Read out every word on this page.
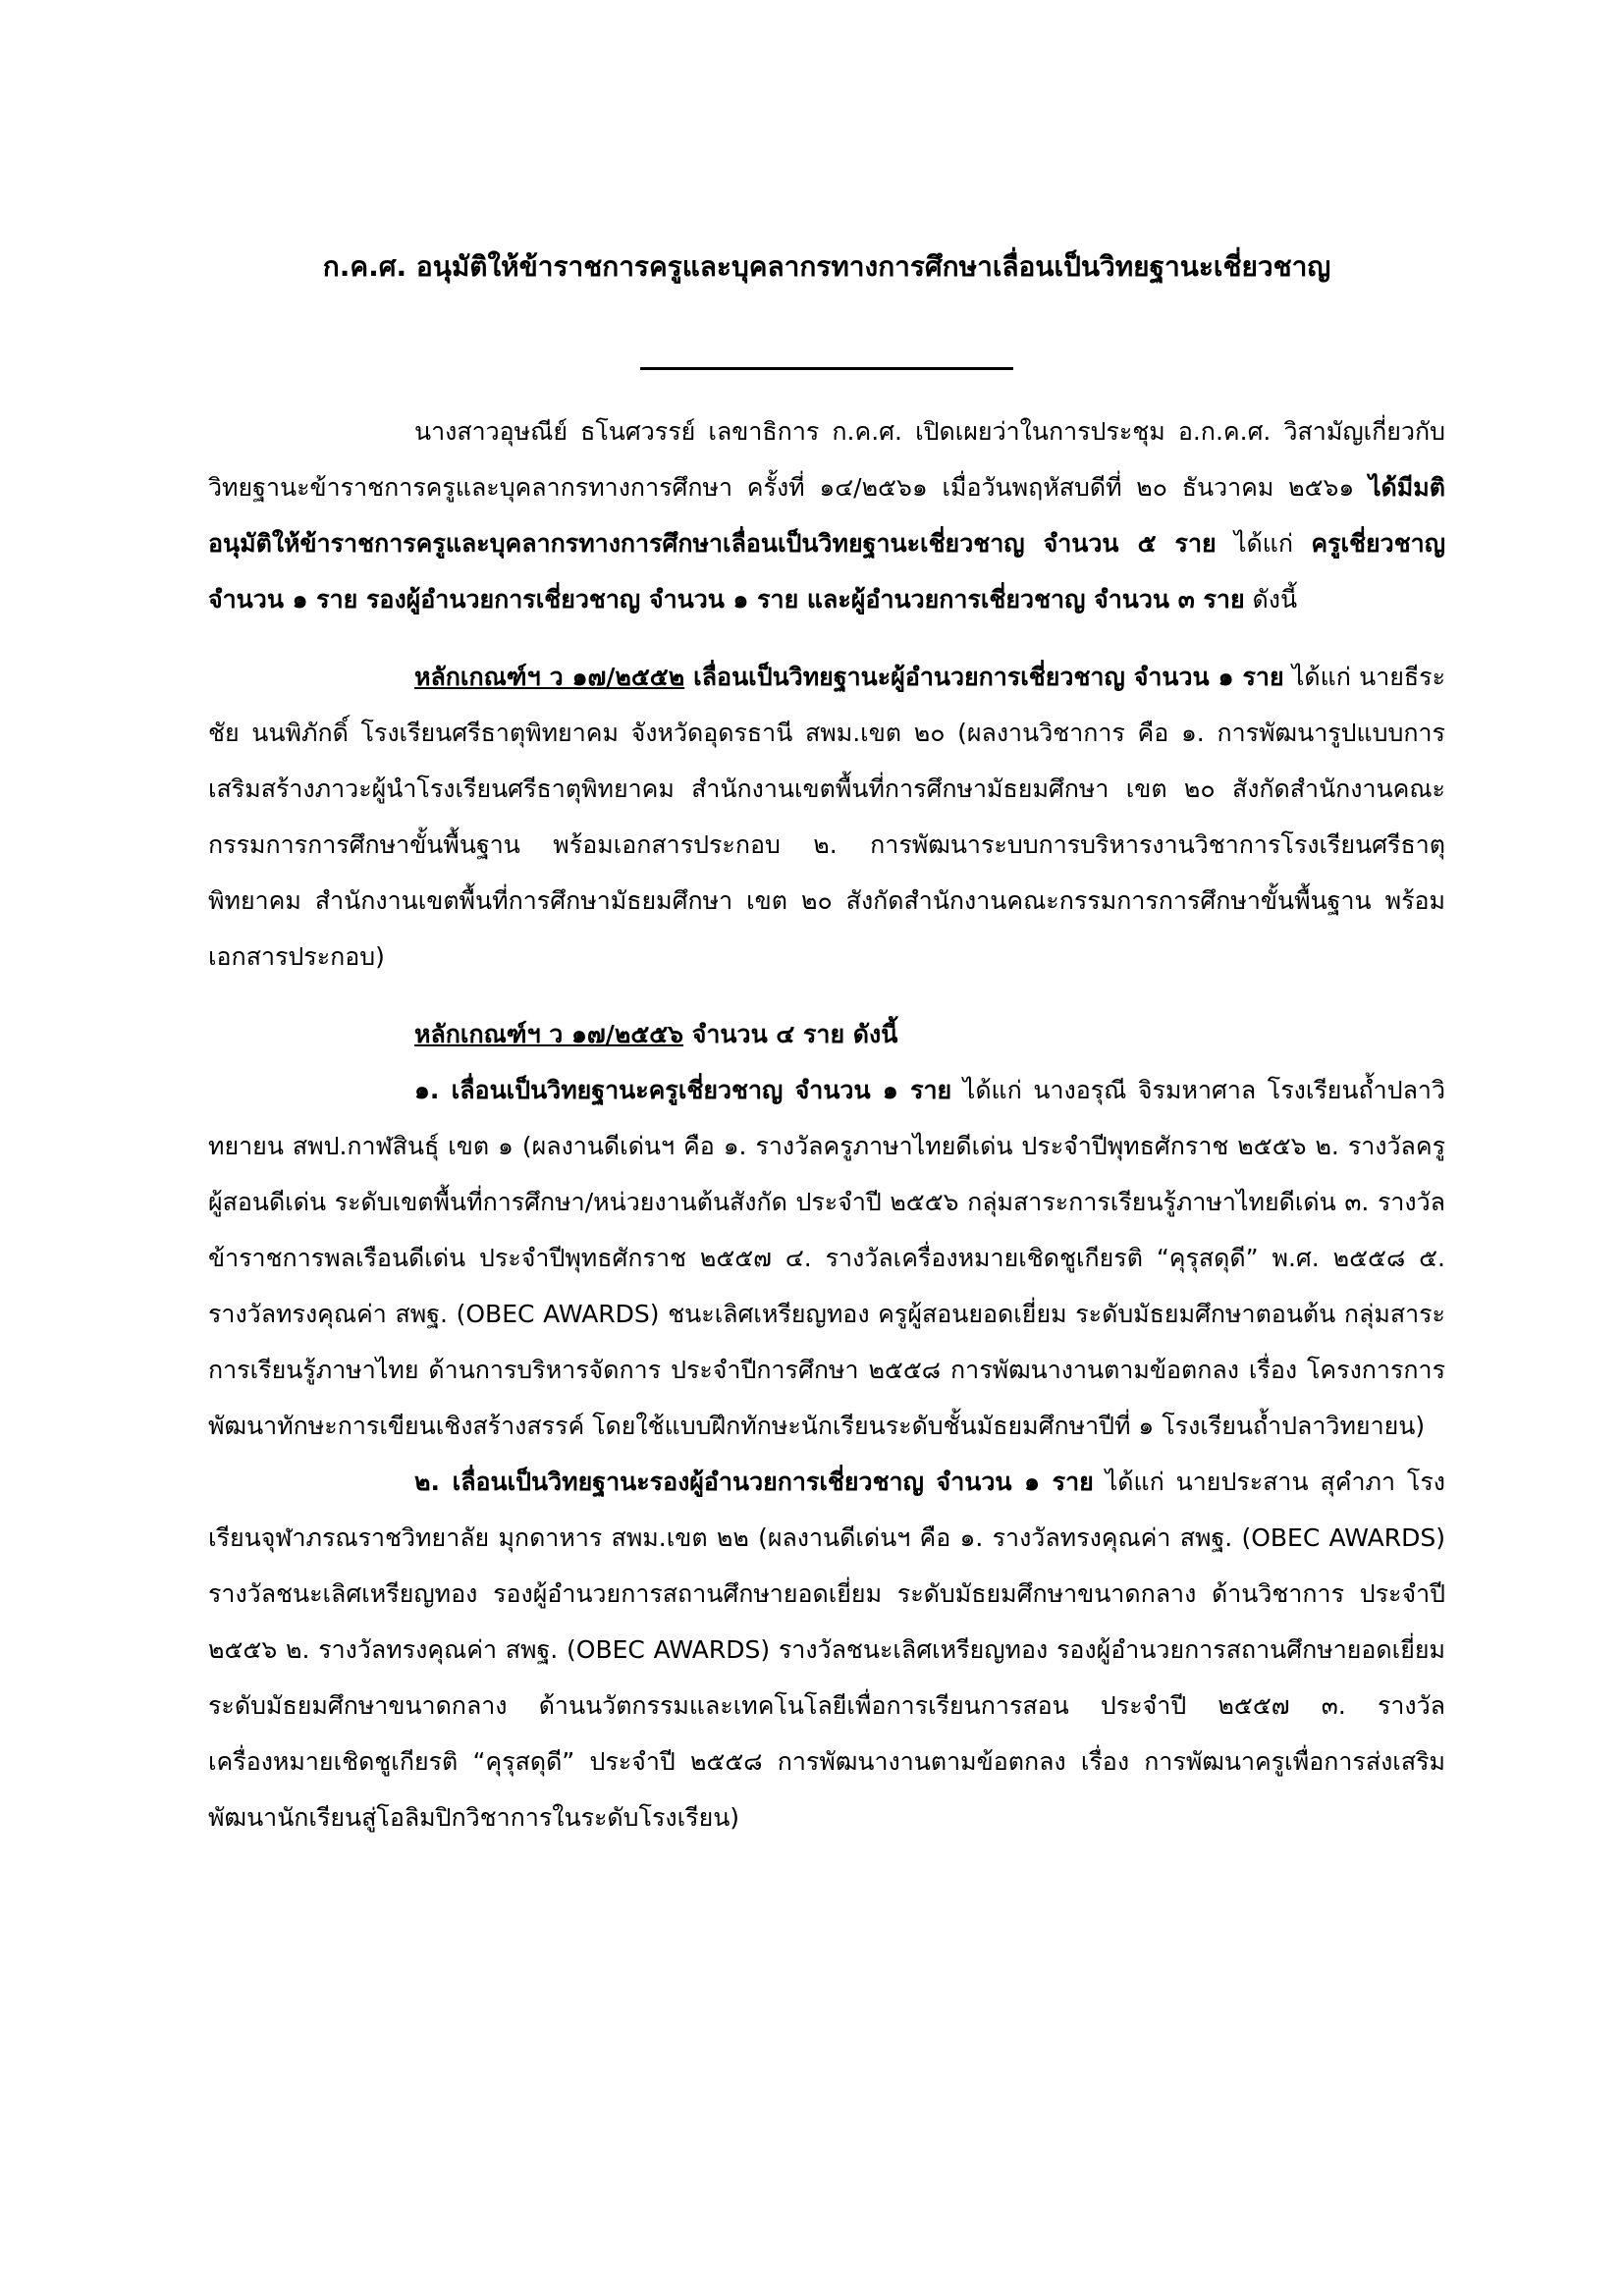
ก.ค.ศ. อนุมัติให้ข้าราชการครูและบุคลากรทางการศึกษาเลื่อนเป็นวิทยฐานะเชี่ยวชาญ

นางสาวอุษณีย์ ธโนศวรรย์ เลขาธิการ ก.ค.ศ. เปิดเผยว่าในการประชุม อ.ก.ค.ศ. วิสามัญเกี่ยวกับวิทยฐานะข้าราชการครูและบุคลากรทางการศึกษา ครั้งที่ ๑๔/๒๕๖๑ เมื่อวันพฤหัสบดีที่ ๒๐ ธันวาคม ๒๕๖๑ ได้มีมติอนุมัติให้ข้าราชการครูและบุคลากรทางการศึกษาเลื่อนเป็นวิทยฐานะเชี่ยวชาญ จำนวน ๕ ราย ได้แก่ ครูเชี่ยวชาญ จำนวน ๑ ราย รองผู้อำนวยการเชี่ยวชาญ จำนวน ๑ ราย และผู้อำนวยการเชี่ยวชาญ จำนวน ๓ ราย ดังนี้

หลักเกณฑ์ฯ ว ๑๗/๒๕๕๒ เลื่อนเป็นวิทยฐานะผู้อำนวยการเชี่ยวชาญ จำนวน ๑ ราย ได้แก่ นายธีระชัย นนพิภักดิ์ โรงเรียนศรีธาตุพิทยาคม จังหวัดอุดรธานี สพม.เขต ๒๐ (ผลงานวิชาการ คือ ๑. การพัฒนารูปแบบการเสริมสร้างภาวะผู้นำโรงเรียนศรีธาตุพิทยาคม สำนักงานเขตพื้นที่การศึกษามัธยมศึกษา เขต ๒๐ สังกัดสำนักงานคณะกรรมการการศึกษาขั้นพื้นฐาน พร้อมเอกสารประกอบ ๒. การพัฒนาระบบการบริหารงานวิชาการโรงเรียนศรีธาตุพิทยาคม สำนักงานเขตพื้นที่การศึกษามัธยมศึกษา เขต ๒๐ สังกัดสำนักงานคณะกรรมการการศึกษาขั้นพื้นฐาน พร้อมเอกสารประกอบ)

หลักเกณฑ์ฯ ว ๑๗/๒๕๕๖ จำนวน ๔ ราย ดังนี้

๑. เลื่อนเป็นวิทยฐานะครูเชี่ยวชาญ จำนวน ๑ ราย ได้แก่ นางอรุณี จิรมหาศาล โรงเรียนถ้ำปลาวิทยายน สพป.กาฬสินธุ์ เขต ๑ (ผลงานดีเด่นฯ คือ ๑. รางวัลครูภาษาไทยดีเด่น ประจำปีพุทธศักราช ๒๕๕๖ ๒. รางวัลครูผู้สอนดีเด่น ระดับเขตพื้นที่การศึกษา/หน่วยงานต้นสังกัด ประจำปี ๒๕๕๖ กลุ่มสาระการเรียนรู้ภาษาไทยดีเด่น ๓. รางวัลข้าราชการพลเรือนดีเด่น ประจำปีพุทธศักราช ๒๕๕๗ ๔. รางวัลเครื่องหมายเชิดชูเกียรติ “คุรุสดุดี” พ.ศ. ๒๕๕๘ ๕. รางวัลทรงคุณค่า สพฐ. (OBEC AWARDS) ชนะเลิศเหรียญทอง ครูผู้สอนยอดเยี่ยม ระดับมัธยมศึกษาตอนต้น กลุ่มสาระการเรียนรู้ภาษาไทย ด้านการบริหารจัดการ ประจำปีการศึกษา ๒๕๕๘ การพัฒนางานตามข้อตกลง เรื่อง โครงการการพัฒนาทักษะการเขียนเชิงสร้างสรรค์ โดยใช้แบบฝึกทักษะนักเรียนระดับชั้นมัธยมศึกษาปีที่ ๑ โรงเรียนถ้ำปลาวิทยายน)

๒. เลื่อนเป็นวิทยฐานะรองผู้อำนวยการเชี่ยวชาญ จำนวน ๑ ราย ได้แก่ นายประสาน สุคำภา โรงเรียนจุฬาภรณราชวิทยาลัย มุกดาหาร สพม.เขต ๒๒ (ผลงานดีเด่นฯ คือ ๑. รางวัลทรงคุณค่า สพฐ. (OBEC AWARDS) รางวัลชนะเลิศเหรียญทอง รองผู้อำนวยการสถานศึกษายอดเยี่ยม ระดับมัธยมศึกษาขนาดกลาง ด้านวิชาการ ประจำปี ๒๕๕๖ ๒. รางวัลทรงคุณค่า สพฐ. (OBEC AWARDS) รางวัลชนะเลิศเหรียญทอง รองผู้อำนวยการสถานศึกษายอดเยี่ยม ระดับมัธยมศึกษาขนาดกลาง ด้านนวัตกรรมและเทคโนโลยีเพื่อการเรียนการสอน ประจำปี ๒๕๕๗ ๓. รางวัลเครื่องหมายเชิดชูเกียรติ “คุรุสดุดี” ประจำปี ๒๕๕๘ การพัฒนางานตามข้อตกลง เรื่อง การพัฒนาครูเพื่อการส่งเสริมพัฒนานักเรียนสู่โอลิมปิกวิชาการในระดับโรงเรียน)
